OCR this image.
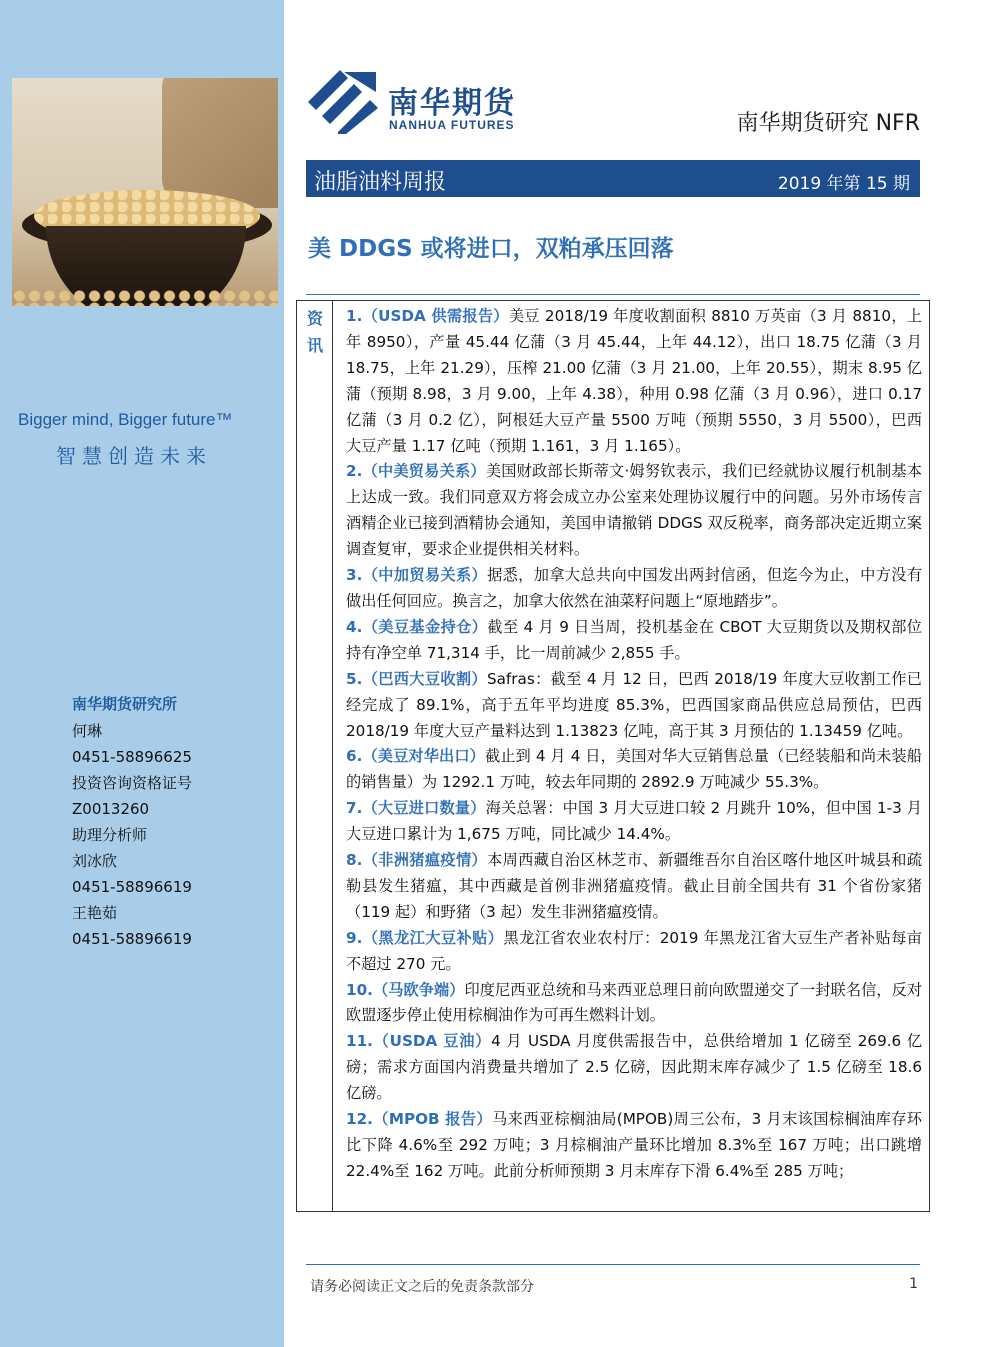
Bigger mind, Bigger future™
智慧创造未来
南华期货研究所
何琳
0451-58896625
投资咨询资格证号
Z0013260
助理分析师
刘冰欣
0451-58896619
王艳茹
0451-58896619
南华期货
NANHUA FUTURES	南华期货研究 NFR
油脂油料周报	2019 年第 15 期
美 DDGS 或将进口，双粕承压回落
资讯

1.（USDA 供需报告）美豆 2018/19 年度收割面积 8810 万英亩（3 月 8810，上年 8950），产量 45.44 亿蒲（3 月 45.44，上年 44.12），出口 18.75 亿蒲（3 月 18.75，上年 21.29），压榨 21.00 亿蒲（3 月 21.00，上年 20.55），期末 8.95 亿蒲（预期 8.98，3 月 9.00，上年 4.38），种用 0.98 亿蒲（3 月 0.96），进口 0.17 亿蒲（3 月 0.2 亿），阿根廷大豆产量 5500 万吨（预期 5550，3 月 5500），巴西大豆产量 1.17 亿吨（预期 1.161，3 月 1.165）。

2.（中美贸易关系）美国财政部长斯蒂文·姆努钦表示，我们已经就协议履行机制基本上达成一致。我们同意双方将会成立办公室来处理协议履行中的问题。另外市场传言酒精企业已接到酒精协会通知，美国申请撤销 DDGS 双反税率，商务部决定近期立案调查复审，要求企业提供相关材料。

3.（中加贸易关系）据悉，加拿大总共向中国发出两封信函，但迄今为止，中方没有做出任何回应。换言之，加拿大依然在油菜籽问题上“原地踏步”。

4.（美豆基金持仓）截至 4 月 9 日当周，投机基金在 CBOT 大豆期货以及期权部位持有净空单 71,314 手，比一周前减少 2,855 手。

5.（巴西大豆收割）Safras：截至 4 月 12 日，巴西 2018/19 年度大豆收割工作已经完成了 89.1%，高于五年平均进度 85.3%，巴西国家商品供应总局预估，巴西 2018/19 年度大豆产量料达到 1.13823 亿吨，高于其 3 月预估的 1.13459 亿吨。

6.（美豆对华出口）截止到 4 月 4 日，美国对华大豆销售总量（已经装船和尚未装船的销售量）为 1292.1 万吨，较去年同期的 2892.9 万吨减少 55.3%。

7.（大豆进口数量）海关总署：中国 3 月大豆进口较 2 月跳升 10%，但中国 1-3 月大豆进口累计为 1,675 万吨，同比减少 14.4%。

8.（非洲猪瘟疫情）本周西藏自治区林芝市、新疆维吾尔自治区喀什地区叶城县和疏勒县发生猪瘟，其中西藏是首例非洲猪瘟疫情。截止目前全国共有 31 个省份家猪（119 起）和野猪（3 起）发生非洲猪瘟疫情。

9.（黑龙江大豆补贴）黑龙江省农业农村厅：2019 年黑龙江省大豆生产者补贴每亩不超过 270 元。

10.（马欧争端）印度尼西亚总统和马来西亚总理日前向欧盟递交了一封联名信，反对欧盟逐步停止使用棕榈油作为可再生燃料计划。

11.（USDA 豆油）4 月 USDA 月度供需报告中，总供给增加 1 亿磅至 269.6 亿磅；需求方面国内消费量共增加了 2.5 亿磅，因此期末库存减少了 1.5 亿磅至 18.6 亿磅。

12.（MPOB 报告）马来西亚棕榈油局(MPOB)周三公布，3 月末该国棕榈油库存环比下降 4.6%至 292 万吨；3 月棕榈油产量环比增加 8.3%至 167 万吨；出口跳增 22.4%至 162 万吨。此前分析师预期 3 月末库存下滑 6.4%至 285 万吨；

请务必阅读正文之后的免责条款部分	1
